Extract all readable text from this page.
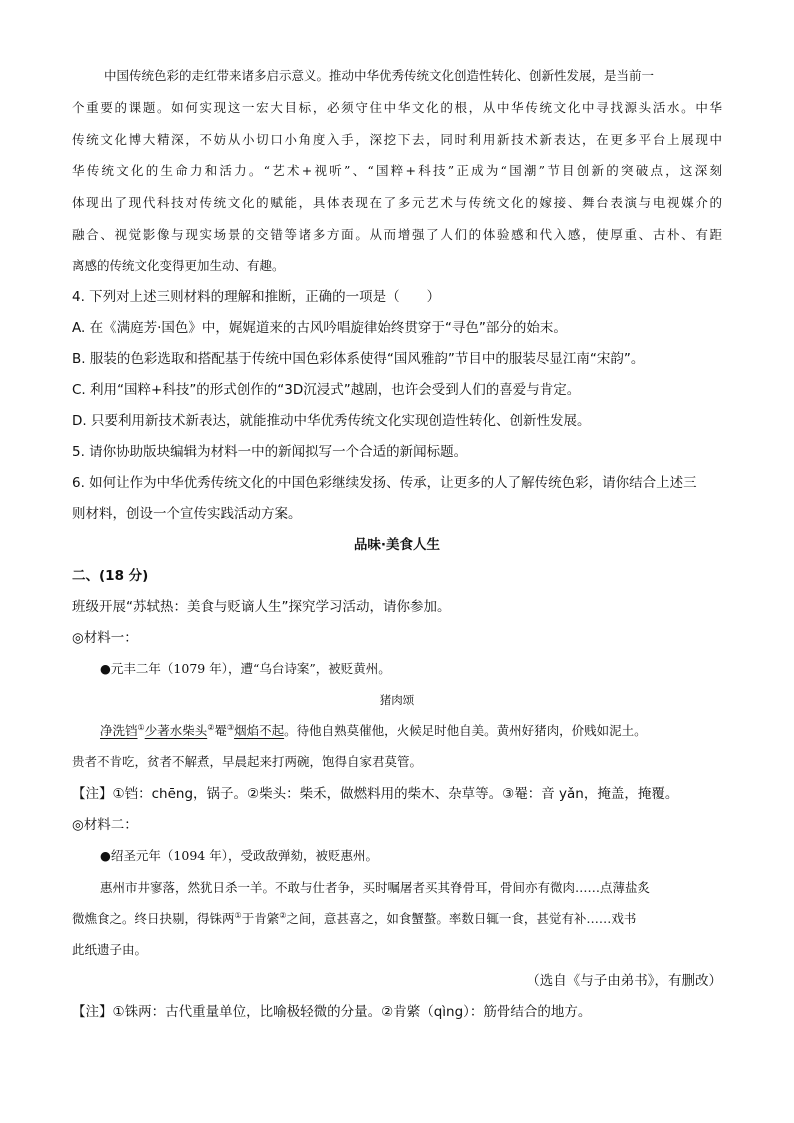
中国传统色彩的走红带来诸多启示意义。推动中华优秀传统文化创造性转化、创新性发展，是当前一
个重要的课题。如何实现这一宏大目标，必须守住中华文化的根，从中华传统文化中寻找源头活水。中华
传统文化博大精深，不妨从小切口小角度入手，深挖下去，同时利用新技术新表达，在更多平台上展现中
华传统文化的生命力和活力。“艺术+视听”、“国粹+科技”正成为“国潮”节目创新的突破点，这深刻
体现出了现代科技对传统文化的赋能，具体表现在了多元艺术与传统文化的嫁接、舞台表演与电视媒介的
融合、视觉影像与现实场景的交错等诸多方面。从而增强了人们的体验感和代入感，使厚重、古朴、有距
离感的传统文化变得更加生动、有趣。
4. 下列对上述三则材料的理解和推断，正确的一项是（　　）
A. 在《满庭芳·国色》中，娓娓道来的古风吟唱旋律始终贯穿于“寻色”部分的始末。
B. 服装的色彩选取和搭配基于传统中国色彩体系使得“国风雅韵”节目中的服装尽显江南“宋韵”。
C. 利用“国粹+科技”的形式创作的“3D沉浸式”越剧，也许会受到人们的喜爱与肯定。
D. 只要利用新技术新表达，就能推动中华优秀传统文化实现创造性转化、创新性发展。
5. 请你协助版块编辑为材料一中的新闻拟写一个合适的新闻标题。
6. 如何让作为中华优秀传统文化的中国色彩继续发扬、传承，让更多的人了解传统色彩，请你结合上述三
则材料，创设一个宣传实践活动方案。
品味·美食人生
二、(18 分)
班级开展“苏轼热：美食与贬谪人生”探究学习活动，请你参加。
◎材料一：
●元丰二年（1079 年），遭“乌台诗案”，被贬黄州。
猪肉颂
净洗铛①少著水柴头②罨③烟焰不起。待他自熟莫催他，火候足时他自美。黄州好猪肉，价贱如泥土。
贵者不肯吃，贫者不解煮，早晨起来打两碗，饱得自家君莫管。
【注】①铛：chēng，锅子。②柴头：柴禾，做燃料用的柴木、杂草等。③罨：音 yǎn，掩盖，掩覆。
◎材料二：
●绍圣元年（1094 年），受政敌弹劾，被贬惠州。
惠州市井寥落，然犹日杀一羊。不敢与仕者争，买时嘱屠者买其脊骨耳，骨间亦有微肉……点薄盐炙
微燋食之。终日抉剔，得铢两①于肯綮②之间，意甚喜之，如食蟹螯。率数日辄一食，甚觉有补……戏书
此纸遗子由。
（选自《与子由弟书》，有删改）
【注】①铢两：古代重量单位，比喻极轻微的分量。②肯綮（qìng）：筋骨结合的地方。
